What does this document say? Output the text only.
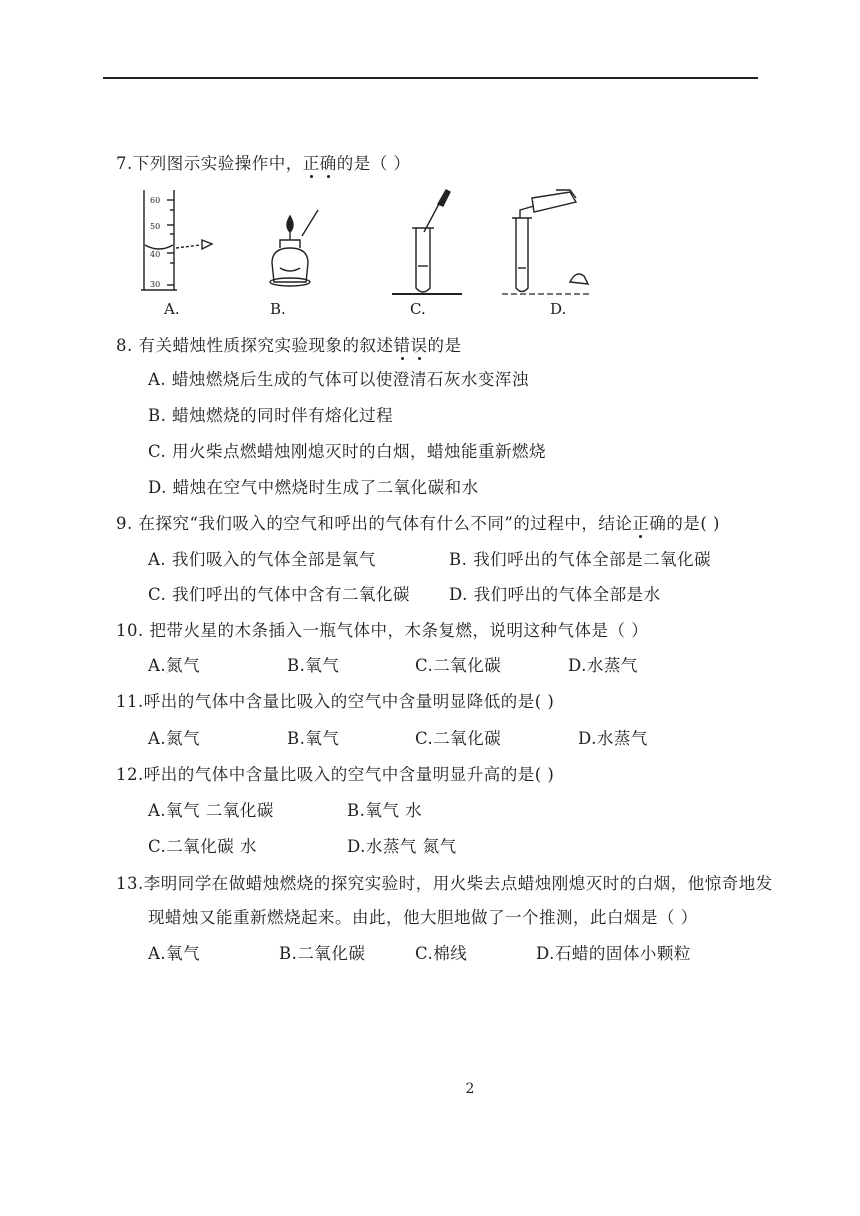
7.下列图示实验操作中，正确的是（ ）
A.	B.	C.	D.
60
50
40
30
8. 有关蜡烛性质探究实验现象的叙述错误的是
A. 蜡烛燃烧后生成的气体可以使澄清石灰水变浑浊
B. 蜡烛燃烧的同时伴有熔化过程
C. 用火柴点燃蜡烛刚熄灭时的白烟，蜡烛能重新燃烧
D. 蜡烛在空气中燃烧时生成了二氧化碳和水
9. 在探究“我们吸入的空气和呼出的气体有什么不同”的过程中，结论正确的是( )
A. 我们吸入的气体全部是氧气	B. 我们呼出的气体全部是二氧化碳
C. 我们呼出的气体中含有二氧化碳 D. 我们呼出的气体全部是水
10. 把带火星的木条插入一瓶气体中，木条复燃，说明这种气体是（ ）
A.氮气	B.氧气	C.二氧化碳	D.水蒸气
11.呼出的气体中含量比吸入的空气中含量明显降低的是( )
A.氮气	B.氧气	C.二氧化碳	D.水蒸气
12.呼出的气体中含量比吸入的空气中含量明显升高的是( )
A.氧气 二氧化碳	B.氧气 水
C.二氧化碳 水	D.水蒸气 氮气
13.李明同学在做蜡烛燃烧的探究实验时，用火柴去点蜡烛刚熄灭时的白烟，他惊奇地发
现蜡烛又能重新燃烧起来。由此，他大胆地做了一个推测，此白烟是（ ）
A.氧气	B.二氧化碳	C.棉线	D.石蜡的固体小颗粒
2
